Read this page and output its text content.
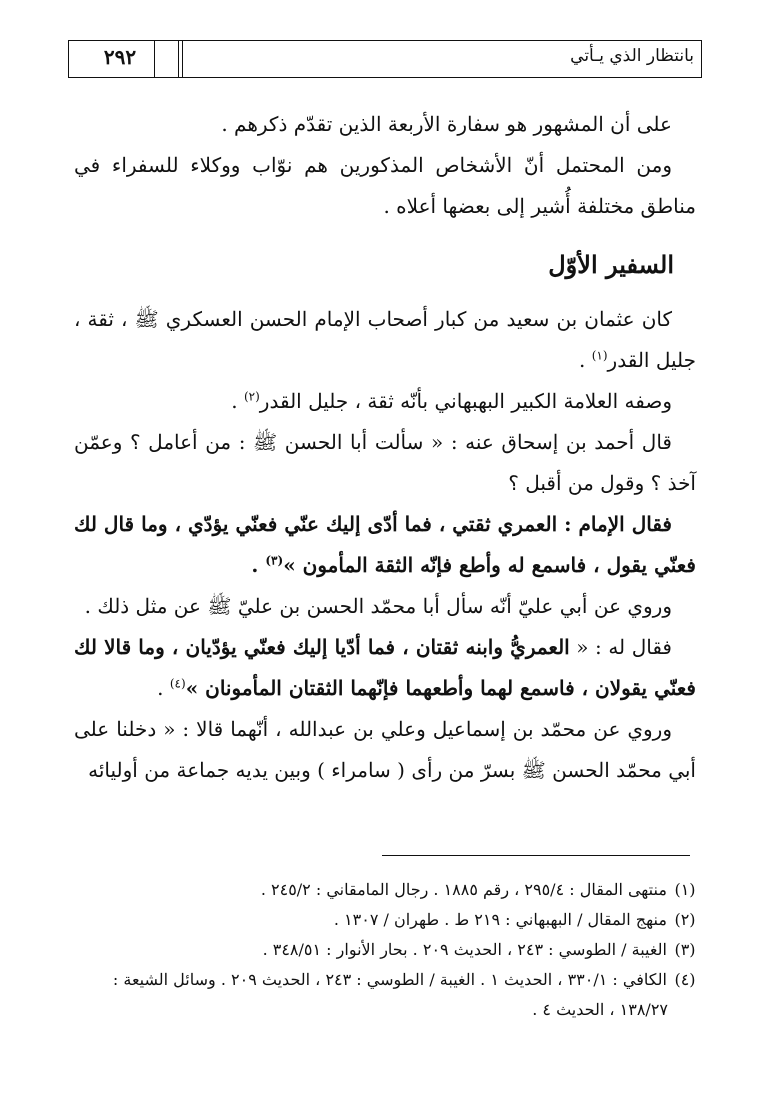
بانتظار الذي يـأتي
٢٩٢

على أن المشهور هو سفارة الأربعة الذين تقدّم ذكرهم .

ومن المحتمل أنّ الأشخاص المذكورين هم نوّاب ووكلاء للسفراء في مناطق مختلفة أُشير إلى بعضها أعلاه .

السفير الأوّل

كان عثمان بن سعيد من كبار أصحاب الإمام الحسن العسكري ﷺ ، ثقة ، جليل القدر$^{(١)}$ .

وصفه العلامة الكبير البهبهاني بأنّه ثقة ، جليل القدر$^{(٢)}$ .

قال أحمد بن إسحاق عنه : « سألت أبا الحسن ﷺ : من أعامل ؟ وعمّن آخذ ؟ وقول من أقبل ؟

فقال الإمام : العمري ثقتي ، فما أدّى إليك عنّي فعنّي يؤدّي ، وما قال لك فعنّي يقول ، فاسمع له وأطع فإنّه الثقة المأمون »$^{(٣)}$ .

وروي عن أبي عليّ أنّه سأل أبا محمّد الحسن بن عليّ ﷺ عن مثل ذلك .

فقال له : « العمريُّ وابنه ثقتان ، فما أدّيا إليك فعنّي يؤدّيان ، وما قالا لك فعنّي يقولان ، فاسمع لهما وأطعهما فإنّهما الثقتان المأمونان »$^{(٤)}$ .

وروي عن محمّد بن إسماعيل وعلي بن عبدالله ، أنّهما قالا : « دخلنا على أبي محمّد الحسن ﷺ بسرّ من رأى ( سامراء ) وبين يديه جماعة من أوليائه

(١) منتهى المقال : ٢٩٥/٤ ، رقم ١٨٨٥ . رجال المامقاني : ٢٤٥/٢ .
(٢) منهج المقال / البهبهاني : ٢١٩ ط . طهران / ١٣٠٧ .
(٣) الغيبة / الطوسي : ٢٤٣ ، الحديث ٢٠٩ . بحار الأنوار : ٣٤٨/٥١ .
(٤) الكافي : ٣٣٠/١ ، الحديث ١ . الغيبة / الطوسي : ٢٤٣ ، الحديث ٢٠٩ . وسائل الشيعة :
١٣٨/٢٧ ، الحديث ٤ .
